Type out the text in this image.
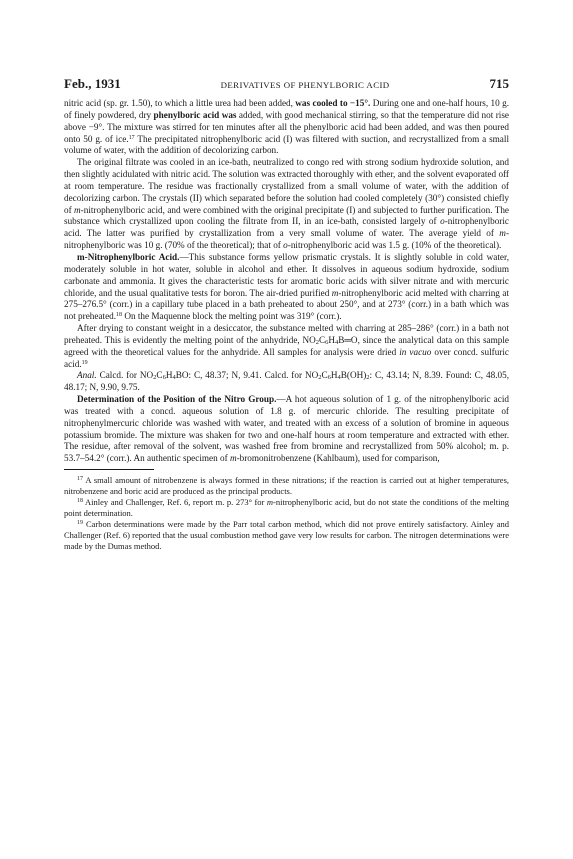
Feb., 1931	DERIVATIVES OF PHENYLBORIC ACID	715

nitric acid (sp. gr. 1.50), to which a little urea had been added, was cooled to −15°. During one and one-half hours, 10 g. of finely powdered, dry phenylboric acid was added, with good mechanical stirring, so that the temperature did not rise above −9°. The mixture was stirred for ten minutes after all the phenylboric acid had been added, and was then poured onto 50 g. of ice.$^{17}$ The precipitated nitrophenylboric acid (I) was filtered with suction, and recrystallized from a small volume of water, with the addition of decolorizing carbon.

The original filtrate was cooled in an ice-bath, neutralized to congo red with strong sodium hydroxide solution, and then slightly acidulated with nitric acid. The solution was extracted thoroughly with ether, and the solvent evaporated off at room temperature. The residue was fractionally crystallized from a small volume of water, with the addition of decolorizing carbon. The crystals (II) which separated before the solution had cooled completely (30°) consisted chiefly of m-nitrophenylboric acid, and were combined with the original precipitate (I) and subjected to further purification. The substance which crystallized upon cooling the filtrate from II, in an ice-bath, consisted largely of o-nitrophenylboric acid. The latter was purified by crystallization from a very small volume of water. The average yield of m-nitrophenylboric was 10 g. (70% of the theoretical); that of o-nitrophenylboric acid was 1.5 g. (10% of the theoretical).

m-Nitrophenylboric Acid.—This substance forms yellow prismatic crystals. It is slightly soluble in cold water, moderately soluble in hot water, soluble in alcohol and ether. It dissolves in aqueous sodium hydroxide, sodium carbonate and ammonia. It gives the characteristic tests for aromatic boric acids with silver nitrate and with mercuric chloride, and the usual qualitative tests for boron. The air-dried purified m-nitrophenylboric acid melted with charring at 275–276.5° (corr.) in a capillary tube placed in a bath preheated to about 250°, and at 273° (corr.) in a bath which was not preheated.$^{18}$ On the Maquenne block the melting point was 319° (corr.).

After drying to constant weight in a desiccator, the substance melted with charring at 285–286° (corr.) in a bath not preheated. This is evidently the melting point of the anhydride, $NO_2C_6H_4B═O$, since the analytical data on this sample agreed with the theoretical values for the anhydride. All samples for analysis were dried in vacuo over concd. sulfuric acid.$^{19}$

Anal. Calcd. for $NO_2C_6H_4BO$: C, 48.37; N, 9.41. Calcd. for $NO_2C_6H_4B(OH)_2$: C, 43.14; N, 8.39. Found: C, 48.05, 48.17; N, 9.90, 9.75.

Determination of the Position of the Nitro Group.—A hot aqueous solution of 1 g. of the nitrophenylboric acid was treated with a concd. aqueous solution of 1.8 g. of mercuric chloride. The resulting precipitate of nitrophenylmercuric chloride was washed with water, and treated with an excess of a solution of bromine in aqueous potassium bromide. The mixture was shaken for two and one-half hours at room temperature and extracted with ether. The residue, after removal of the solvent, was washed free from bromine and recrystallized from 50% alcohol; m. p. 53.7–54.2° (corr.). An authentic specimen of m-bromonitrobenzene (Kahlbaum), used for comparison,

$^{17}$ A small amount of nitrobenzene is always formed in these nitrations; if the reaction is carried out at higher temperatures, nitrobenzene and boric acid are produced as the principal products.

$^{18}$ Ainley and Challenger, Ref. 6, report m. p. 273° for m-nitrophenylboric acid, but do not state the conditions of the melting point determination.

$^{19}$ Carbon determinations were made by the Parr total carbon method, which did not prove entirely satisfactory. Ainley and Challenger (Ref. 6) reported that the usual combustion method gave very low results for carbon. The nitrogen determinations were made by the Dumas method.
